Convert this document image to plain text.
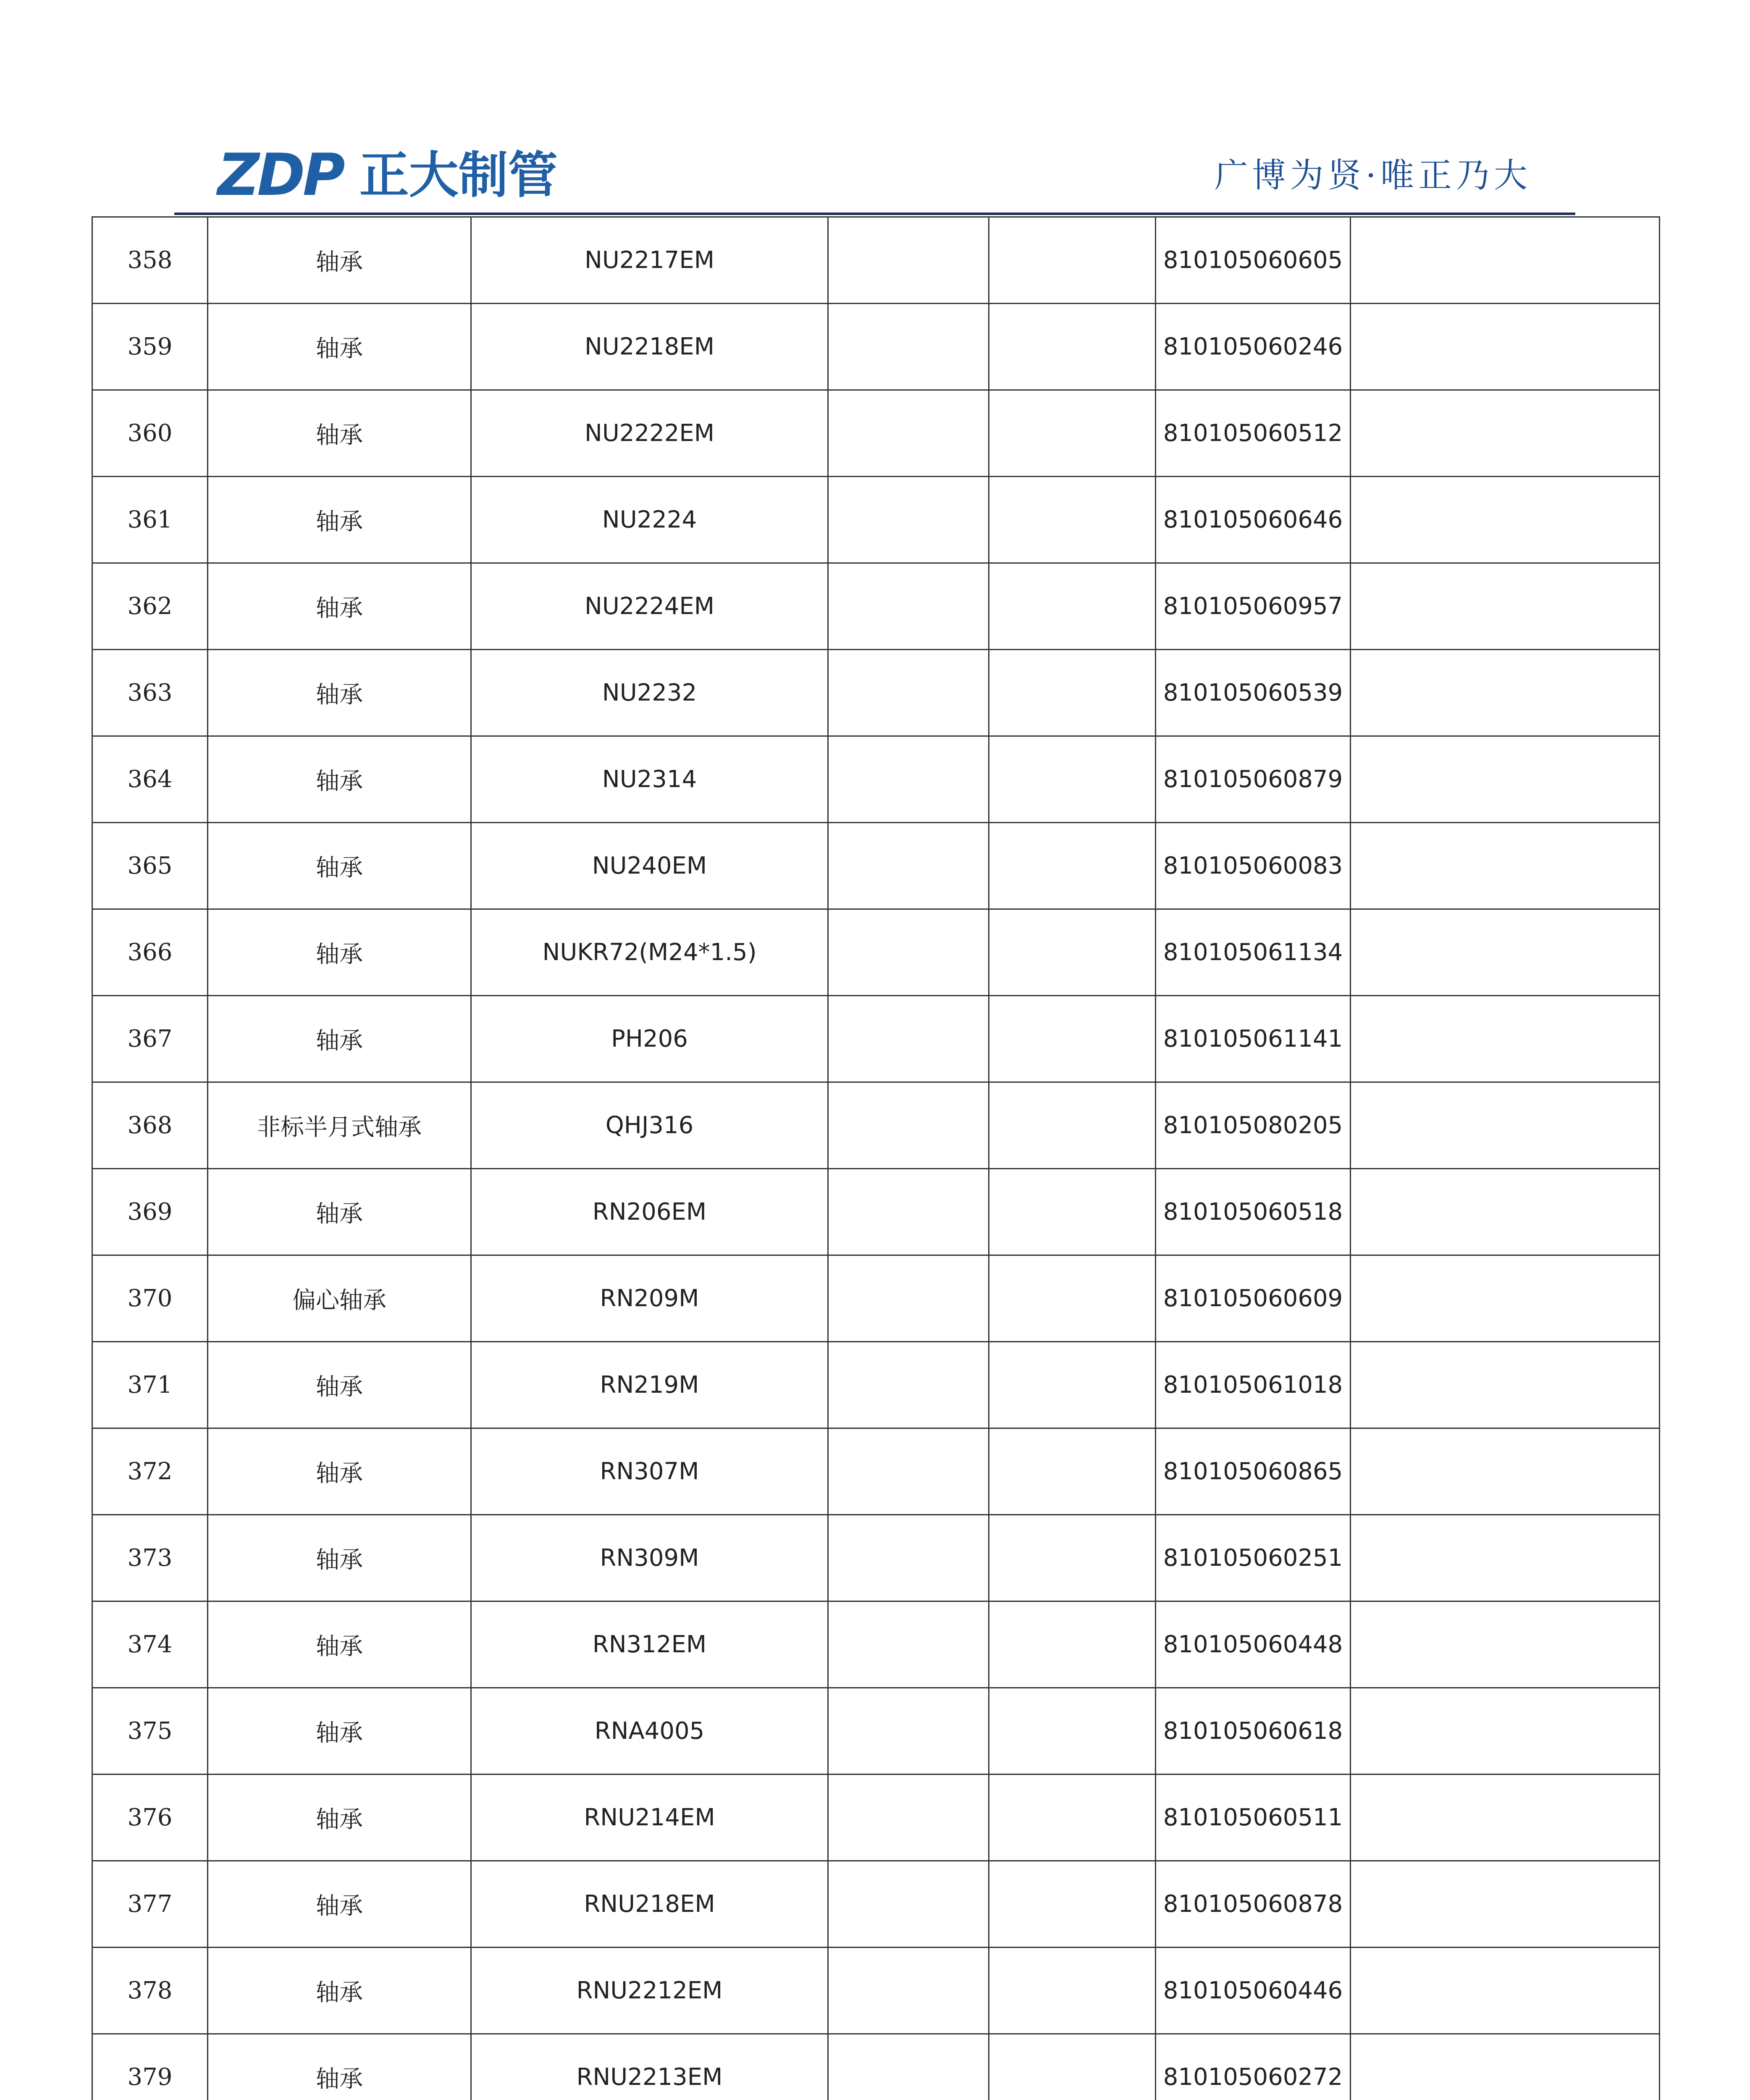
ZDP 正大制管	广博为贤·唯正乃大
358	轴承	NU2217EM			810105060605	
359	轴承	NU2218EM			810105060246	
360	轴承	NU2222EM			810105060512	
361	轴承	NU2224			810105060646	
362	轴承	NU2224EM			810105060957	
363	轴承	NU2232			810105060539	
364	轴承	NU2314			810105060879	
365	轴承	NU240EM			810105060083	
366	轴承	NUKR72(M24*1.5)			810105061134	
367	轴承	PH206			810105061141	
368	非标半月式轴承	QHJ316			810105080205	
369	轴承	RN206EM			810105060518	
370	偏心轴承	RN209M			810105060609	
371	轴承	RN219M			810105061018	
372	轴承	RN307M			810105060865	
373	轴承	RN309M			810105060251	
374	轴承	RN312EM			810105060448	
375	轴承	RNA4005			810105060618	
376	轴承	RNU214EM			810105060511	
377	轴承	RNU218EM			810105060878	
378	轴承	RNU2212EM			810105060446	
379	轴承	RNU2213EM			810105060272	
